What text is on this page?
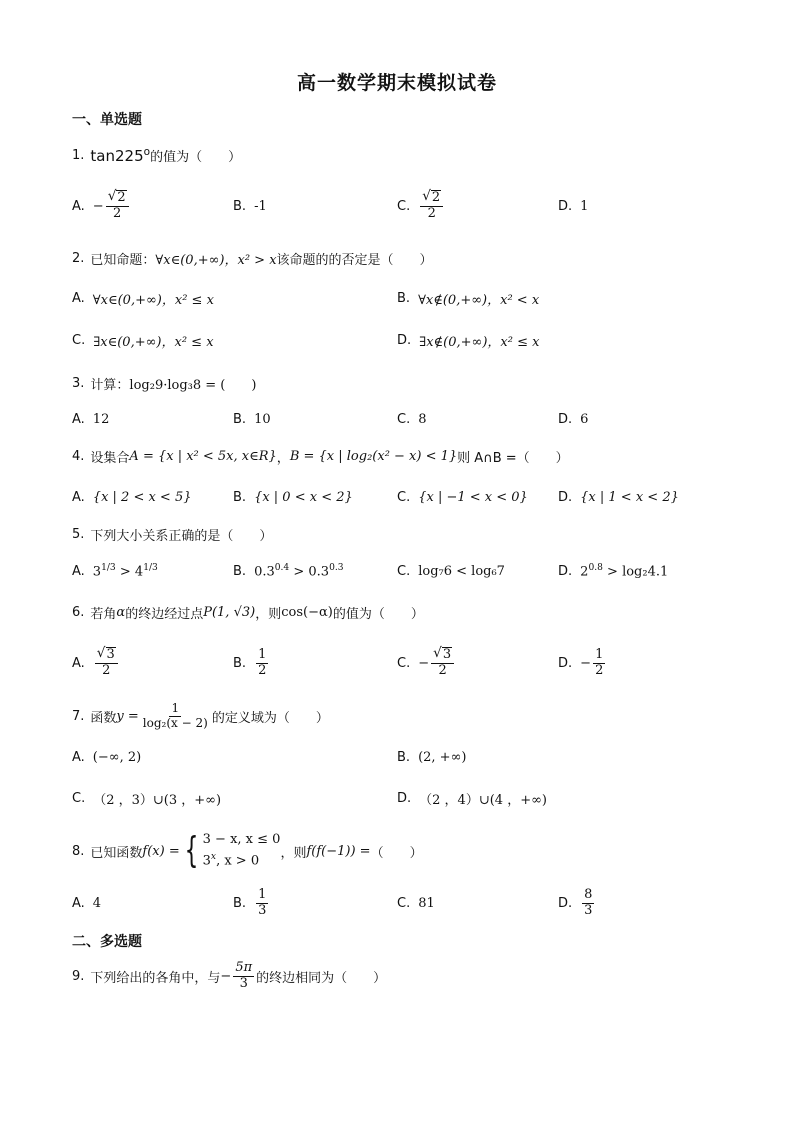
高一数学期末模拟试卷
一、单选题
1. tan225$^o$ 的值为（　　）
A. − $\frac{√ 2}{2}$	B. -1	C. $\frac{√ 2}{2}$	D. 1
2. 已知命题： ∀x∈(0,+∞)，x² > x 该命题的的否定是（　　）
A. ∀x∈(0,+∞)，x² ≤ x	B. ∀x∉(0,+∞)，x² < x
C. ∃x∈(0,+∞)，x² ≤ x	D. ∃x∉(0,+∞)，x² ≤ x
3. 计算： log₂9·log₃8 = (　　)
A. 12	B. 10	C. 8	D. 6
4. 设集合 A = {x | x² < 5x, x∈R} ， B = {x | log₂(x² − x) < 1} 则 A∩B =（　　）
A. {x | 2 < x < 5}	B. {x | 0 < x < 2}	C. {x | −1 < x < 0} D. {x | 1 < x < 2}
5. 下列大小关系正确的是（　　）
A. $3^{1/3} > 4^{1/3}$	B. $0.3^{0.4} > 0.3^{0.3}$	C. log₇6 < log₆7	D. $2^{0.8} > \log_24.1$
6. 若角 α 的终边经过点 P(1, √3) ，则 cos(−α) 的值为（　　）
A. $\frac{√ 3}{2}$	B. $\frac{1}{2}$	C. − $\frac{√ 3}{2}$	D. − $\frac{1}{2}$
7. 函数 $y = \frac{1}{\text{log₂(x − 2)}}$ 的定义域为（　　）
A. (−∞, 2)	B. (2, +∞)
C. （2 ，3）∪(3 ，+∞)	D. （2 ，4）∪(4 ，+∞)
8. 已知函数 f(x) = { 3 − x, x ≤ 0
3$^x$, x > 0
，则 f(f(−1)) = （　　）
A. 4	B. $\frac{1}{3}$	C. 81	D. $\frac{8}{3}$
二、多选题
9. 下列给出的各角中，与 − $\frac{5\pi}{3}$ 的终边相同为（　　）
